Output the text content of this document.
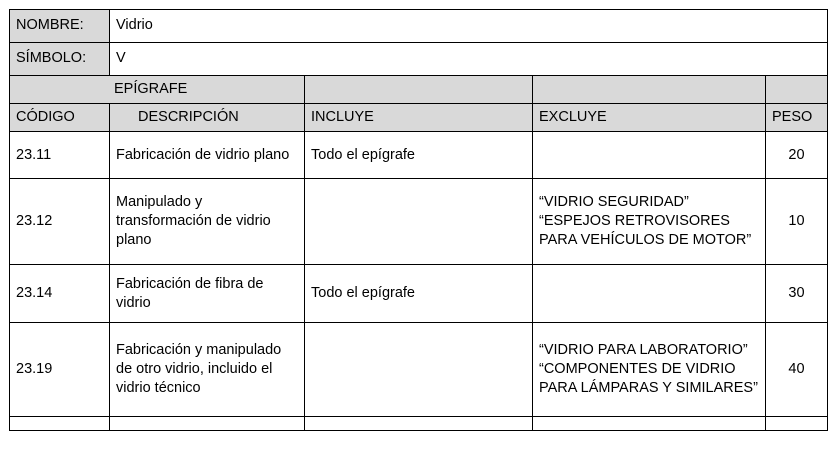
NOMBRE:	Vidrio			
SÍMBOLO:	V			

EPÍGRAFE				

CÓDIGO	DESCRIPCIÓN	INCLUYE	EXCLUYE	PESO
23.11	Fabricación de vidrio plano	Todo el epígrafe		20
23.12	Manipulado y transformación de vidrio plano		“VIDRIO SEGURIDAD” “ESPEJOS RETROVISORES PARA VEHÍCULOS DE MOTOR”	10
23.14	Fabricación de fibra de vidrio	Todo el epígrafe		30
23.19	Fabricación y manipulado de otro vidrio, incluido el vidrio técnico		“VIDRIO PARA LABORATORIO” “COMPONENTES DE VIDRIO PARA LÁMPARAS Y SIMILARES”	40
